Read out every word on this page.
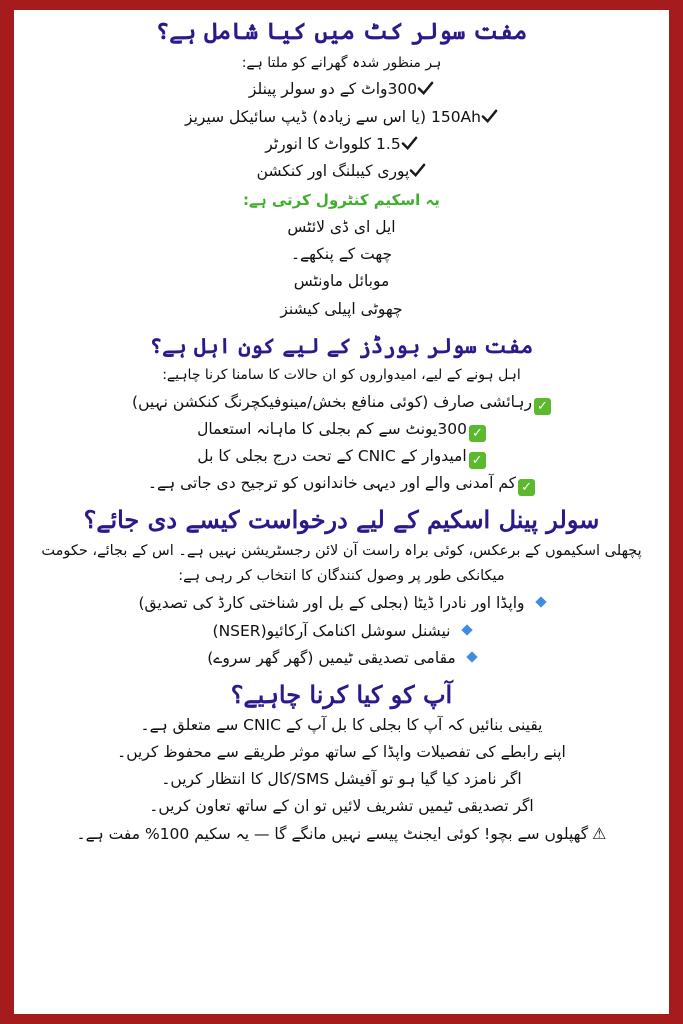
مفت سولر کٹ میں کیا شامل ہے؟

ہر منظور شدہ گھرانے کو ملتا ہے:

300واٹ کے دو سولر پینلز
150Ah (یا اس سے زیادہ) ڈیپ سائیکل سیریز
1.5 کلوواٹ کا انورٹر
پوری کیبلنگ اور کنکشن

یہ اسکیم کنٹرول کرتی ہے:

ایل ای ڈی لائٹس
چھت کے پنکھے۔
موبائل ماونٹس
چھوٹی اپیلی کیشنز
مفت سولر بورڈز کے لیے کون اہل ہے؟

اہل ہونے کے لیے، امیدواروں کو ان حالات کا سامنا کرنا چاہیے:

✓رہائشی صارف (کوئی منافع بخش/مینوفیکچرنگ کنکشن نہیں)
✓300یونٹ سے کم بجلی کا ماہانہ استعمال
✓امیدوار کے CNIC کے تحت درج بجلی کا بل
✓کم آمدنی والے اور دیہی خاندانوں کو ترجیح دی جاتی ہے۔
سولر پینل اسکیم کے لیے درخواست کیسے دی جائے؟

پچھلی اسکیموں کے برعکس، کوئی براہ راست آن لائن رجسٹریشن نہیں ہے۔ اس کے بجائے، حکومت میکانکی طور پر وصول کنندگان کا انتخاب کر رہی ہے:

واپڈا اور نادرا ڈیٹا (بجلی کے بل اور شناختی کارڈ کی تصدیق)
نیشنل سوشل اکنامک آرکائیو(NSER)
مقامی تصدیقی ٹیمیں (گھر گھر سروے)
آپ کو کیا کرنا چاہیے؟
یقینی بنائیں کہ آپ کا بجلی کا بل آپ کے CNIC سے متعلق ہے۔
اپنے رابطے کی تفصیلات واپڈا کے ساتھ موثر طریقے سے محفوظ کریں۔
اگر نامزد کیا گیا ہو تو آفیشل SMS/کال کا انتظار کریں۔
اگر تصدیقی ٹیمیں تشریف لائیں تو ان کے ساتھ تعاون کریں۔
⚠گھپلوں سے بچو! کوئی ایجنٹ پیسے نہیں مانگے گا — یہ سکیم 100% مفت ہے۔
